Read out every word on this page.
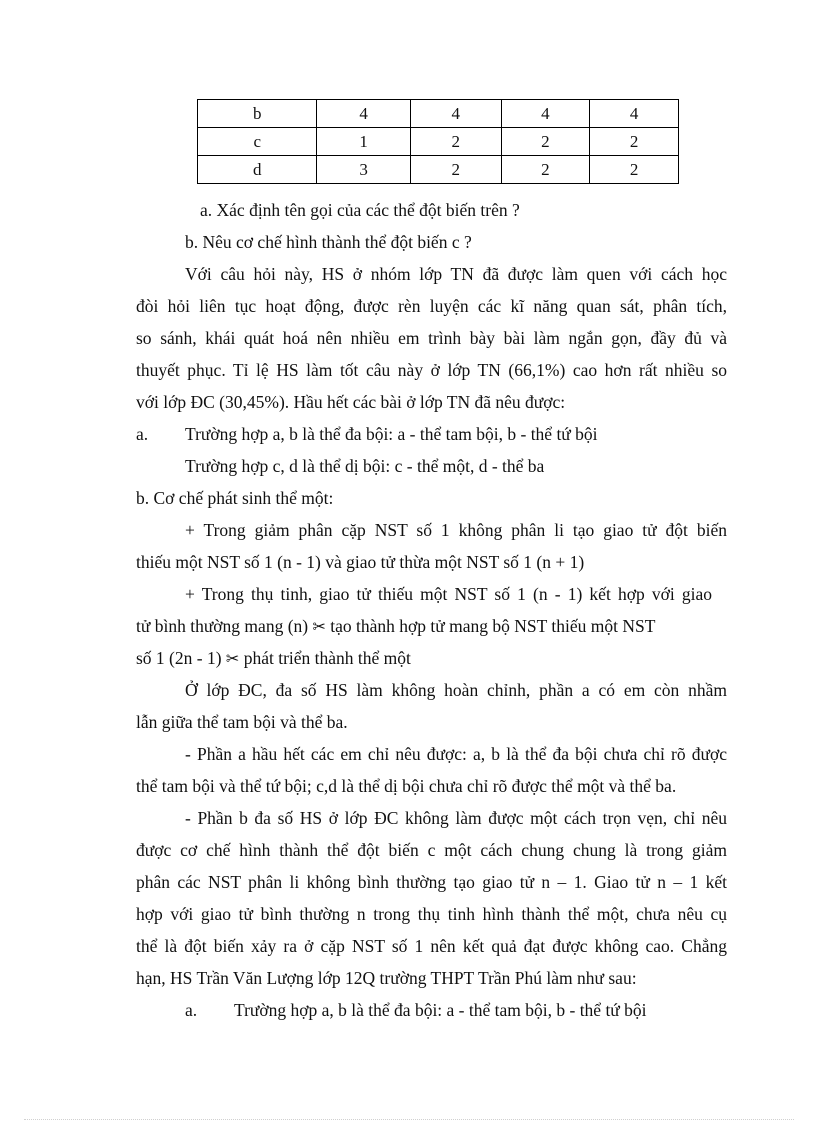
b	4	4	4	4
c	1	2	2	2
d	3	2	2	2
a. Xác định tên gọi của các thể đột biến trên ?
b. Nêu cơ chế hình thành thể đột biến c ?
Với câu hỏi này, HS ở nhóm lớp TN đã được làm quen với cách học
đòi hỏi liên tục hoạt động, được rèn luyện các kĩ năng quan sát, phân tích,
so sánh, khái quát hoá nên nhiều em trình bày bài làm ngắn gọn, đầy đủ và
thuyết phục. Tỉ lệ HS làm tốt câu này ở lớp TN (66,1%) cao hơn rất nhiều so
với lớp ĐC (30,45%). Hầu hết các bài ở lớp TN đã nêu được:
a. Trường hợp a, b là thể đa bội: a - thể tam bội, b - thể tứ bội
Trường hợp c, d là thể dị bội: c - thể một, d - thể ba
b. Cơ chế phát sinh thể một:
+ Trong giảm phân cặp NST số 1 không phân li tạo giao tử đột biến
thiếu một NST số 1 (n - 1) và giao tử thừa một NST số 1 (n + 1)
+ Trong thụ tinh, giao tử thiếu một NST số 1 (n - 1) kết hợp với giao
tử bình thường mang (n) ✂ tạo thành hợp tử mang bộ NST thiếu một NST
số 1 (2n - 1) ✂ phát triển thành thể một
Ở lớp ĐC, đa số HS làm không hoàn chỉnh, phần a có em còn nhầm
lẫn giữa thể tam bội và thể ba.
- Phần a hầu hết các em chỉ nêu được: a, b là thể đa bội chưa chỉ rõ được
thể tam bội và thể tứ bội; c,d là thể dị bội chưa chỉ rõ được thể một và thể ba.
- Phần b đa số HS ở lớp ĐC không làm được một cách trọn vẹn, chỉ nêu
được cơ chế hình thành thể đột biến c một cách chung chung là trong giảm
phân các NST phân li không bình thường tạo giao tử n – 1. Giao tử n – 1 kết
hợp với giao tử bình thường n trong thụ tinh hình thành thể một, chưa nêu cụ
thể là đột biến xảy ra ở cặp NST số 1 nên kết quả đạt được không cao. Chẳng
hạn, HS Trần Văn Lượng lớp 12Q trường THPT Trần Phú làm như sau:
a. Trường hợp a, b là thể đa bội: a - thể tam bội, b - thể tứ bội
